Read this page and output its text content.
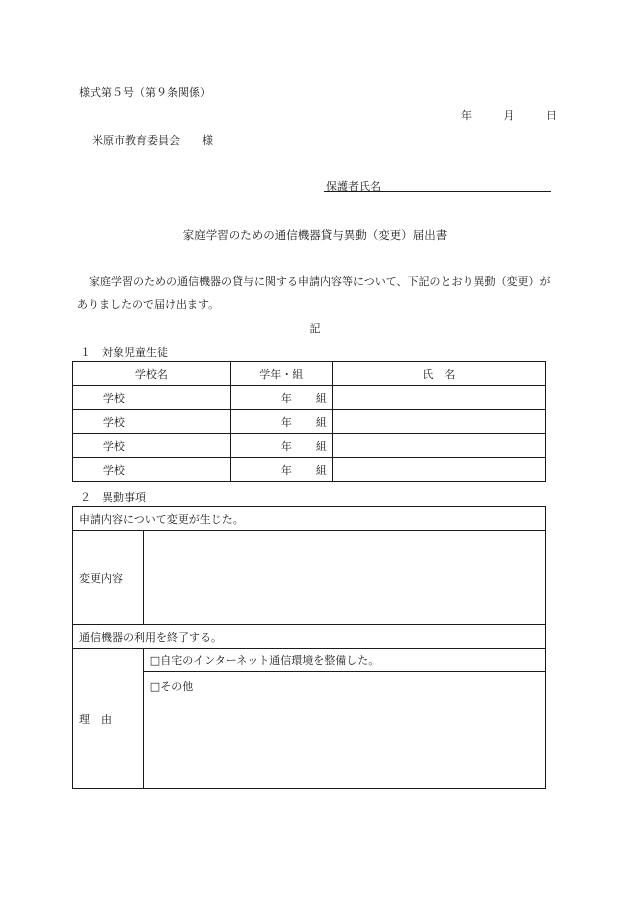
様式第５号（第９条関係）
年	月	日
米原市教育委員会　　様
保護者氏名
家庭学習のための通信機器貸与異動（変更）届出書
家庭学習のための通信機器の貸与に関する申請内容等について、下記のとおり異動（変更）がありましたので届け出ます。
記
１　対象児童生徒
学校名	学年・組	氏　名
学校	年 組	
学校	年 組	
学校	年 組	
学校	年 組	
２　異動事項
申請内容について変更が生じた。	
変更内容	
通信機器の利用を終了する。	
理　由	□自宅のインターネット通信環境を整備した。
	□その他
